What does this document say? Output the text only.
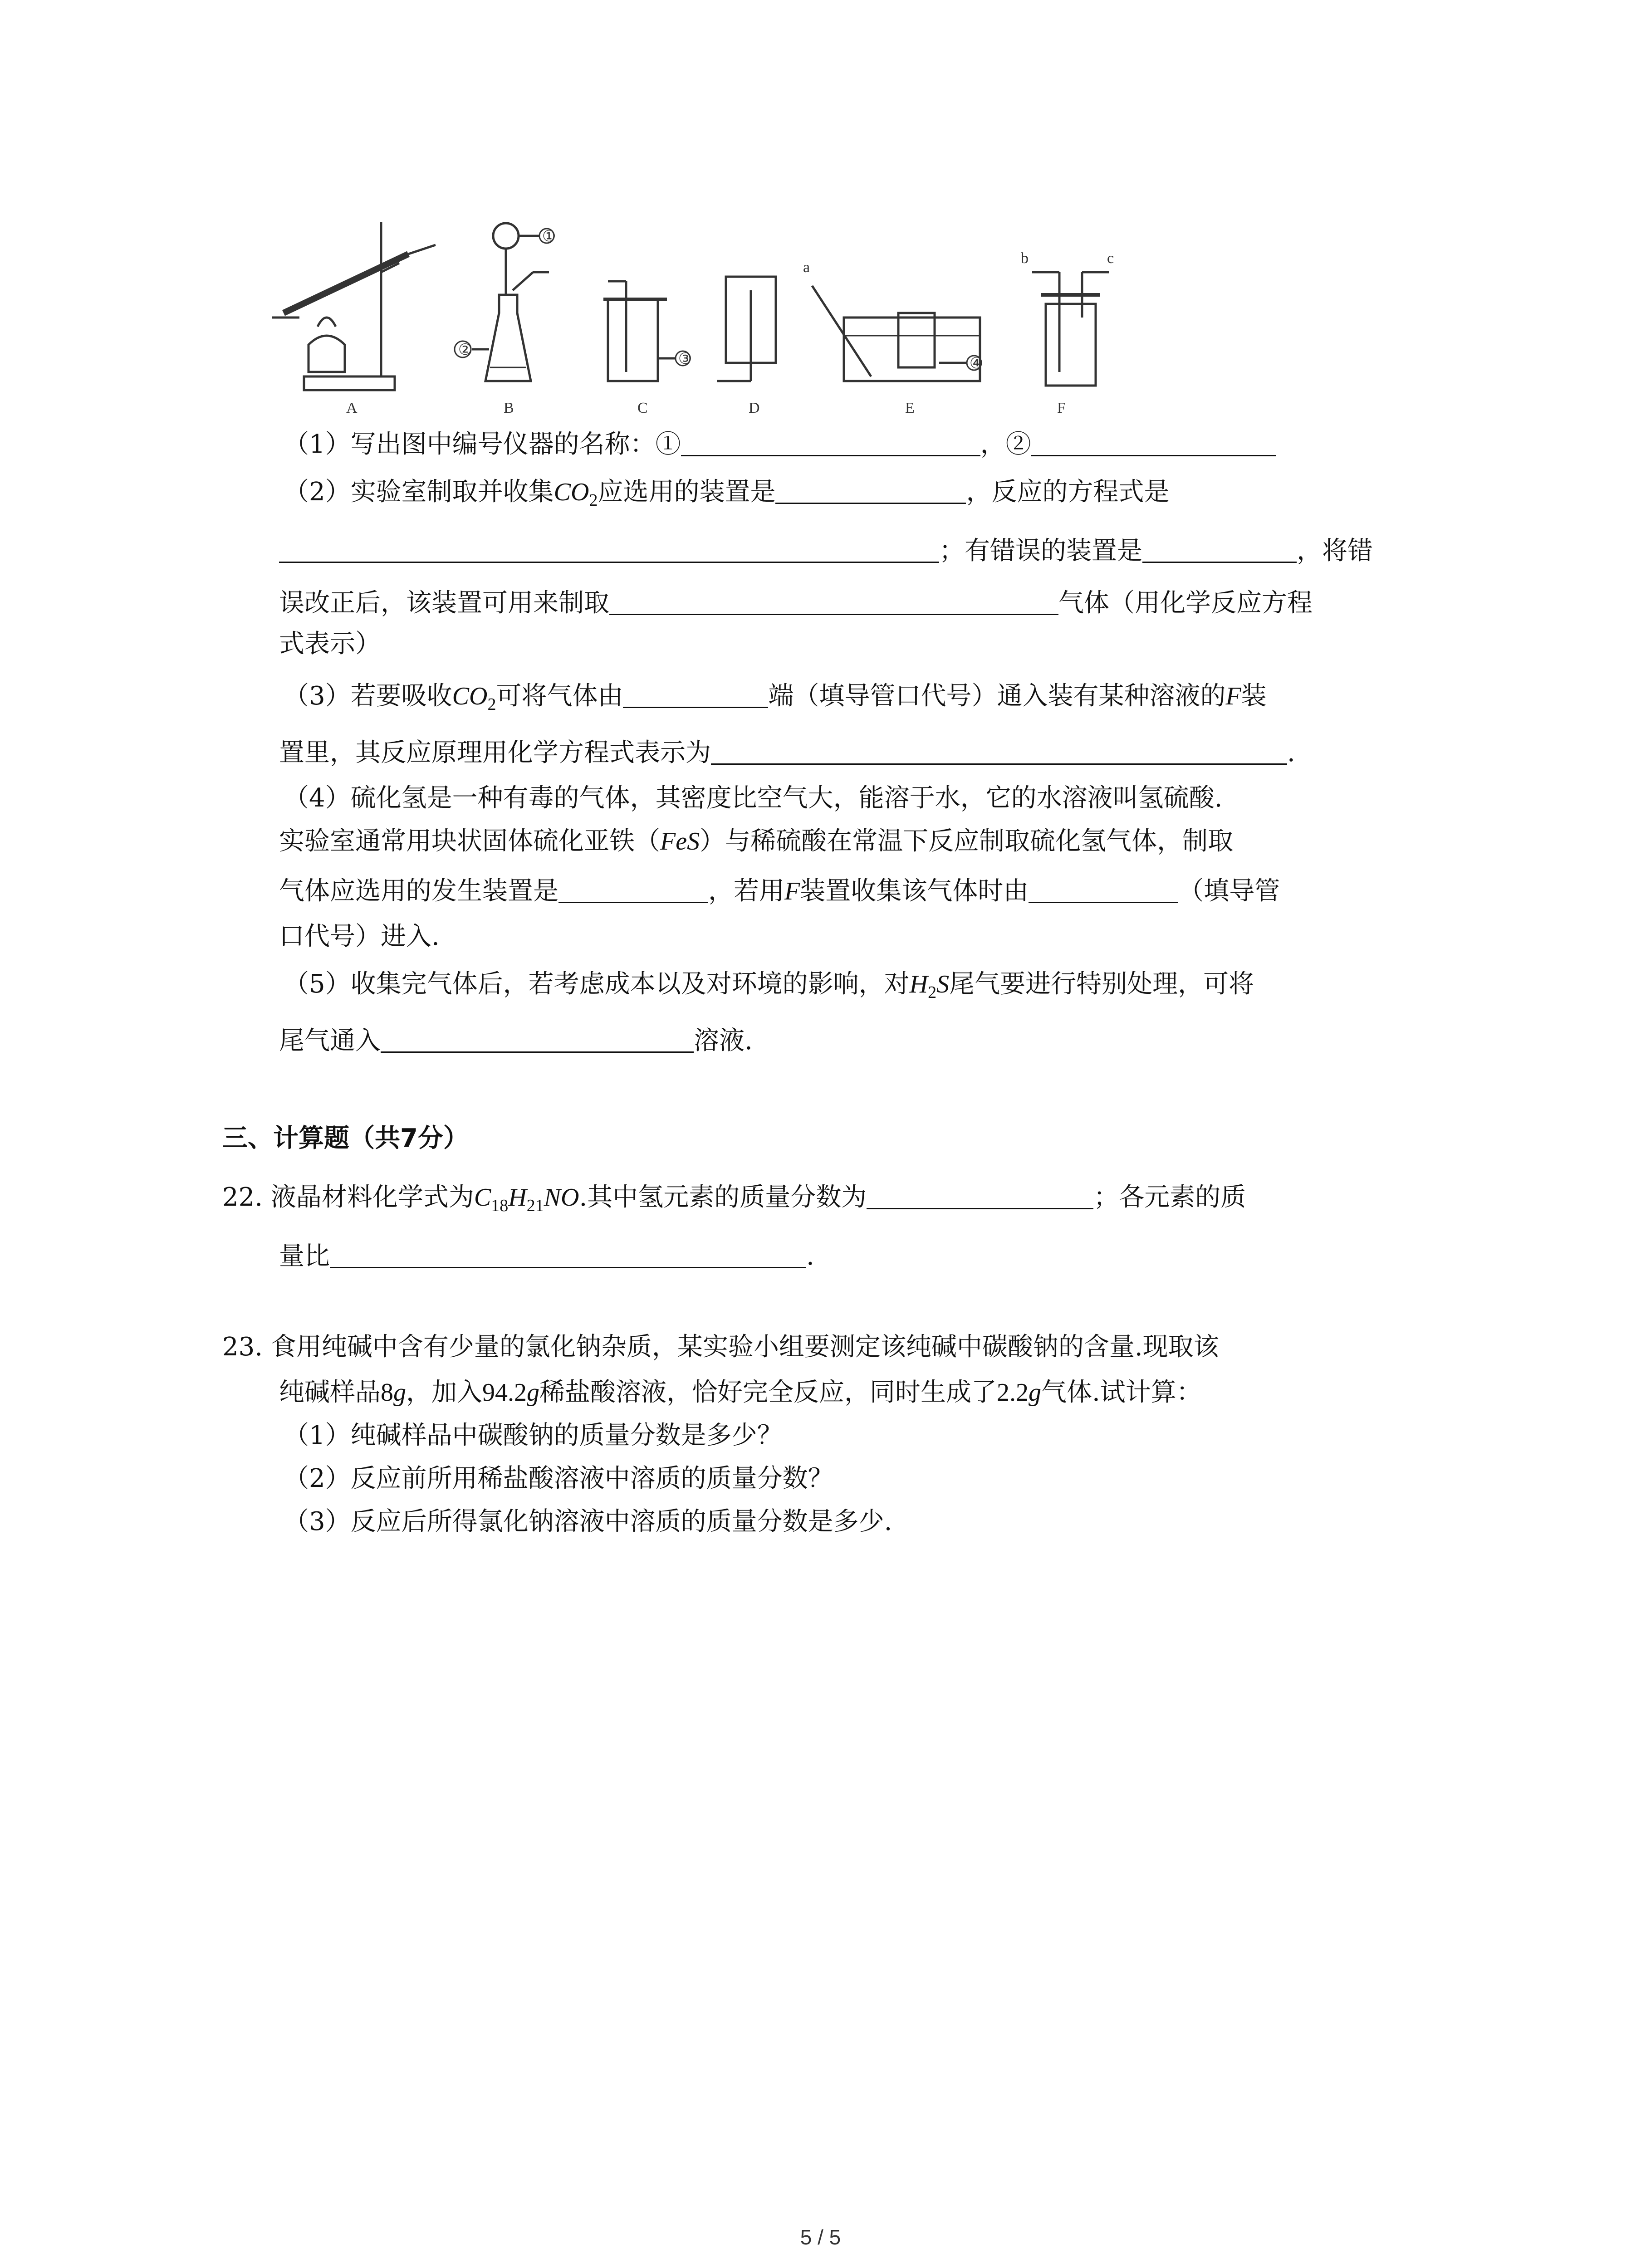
A	B	C	D	E	F
①
②
③	④
a
b	c
（1）写出图中编号仪器的名称：①	，②
（2）实验室制取并收集$CO_2$应选用的装置是	，反应的方程式是
；有错误的装置是	，将错
误改正后，该装置可用来制取	气体（用化学反应方程
式表示）
（3）若要吸收$CO_2$可将气体由	端（填导管口代号）通入装有某种溶液的F装
置里，其反应原理用化学方程式表示为	.
（4）硫化氢是一种有毒的气体，其密度比空气大，能溶于水，它的水溶液叫氢硫酸.
实验室通常用块状固体硫化亚铁（FeS）与稀硫酸在常温下反应制取硫化氢气体，制取
气体应选用的发生装置是	，若用F装置收集该气体时由	（填导管
口代号）进入.
（5）收集完气体后，若考虑成本以及对环境的影响，对$H_2S$尾气要进行特别处理，可将
尾气通入	溶液.
三、计算题（共7分）
22. 液晶材料化学式为$C_{18}H_{21}NO$.其中氢元素的质量分数为	；各元素的质
量比	.
23. 食用纯碱中含有少量的氯化钠杂质，某实验小组要测定该纯碱中碳酸钠的含量.现取该
纯碱样品8g，加入94.2g稀盐酸溶液，恰好完全反应，同时生成了2.2g气体.试计算：
（1）纯碱样品中碳酸钠的质量分数是多少？
（2）反应前所用稀盐酸溶液中溶质的质量分数？
（3）反应后所得氯化钠溶液中溶质的质量分数是多少.
5 / 5
